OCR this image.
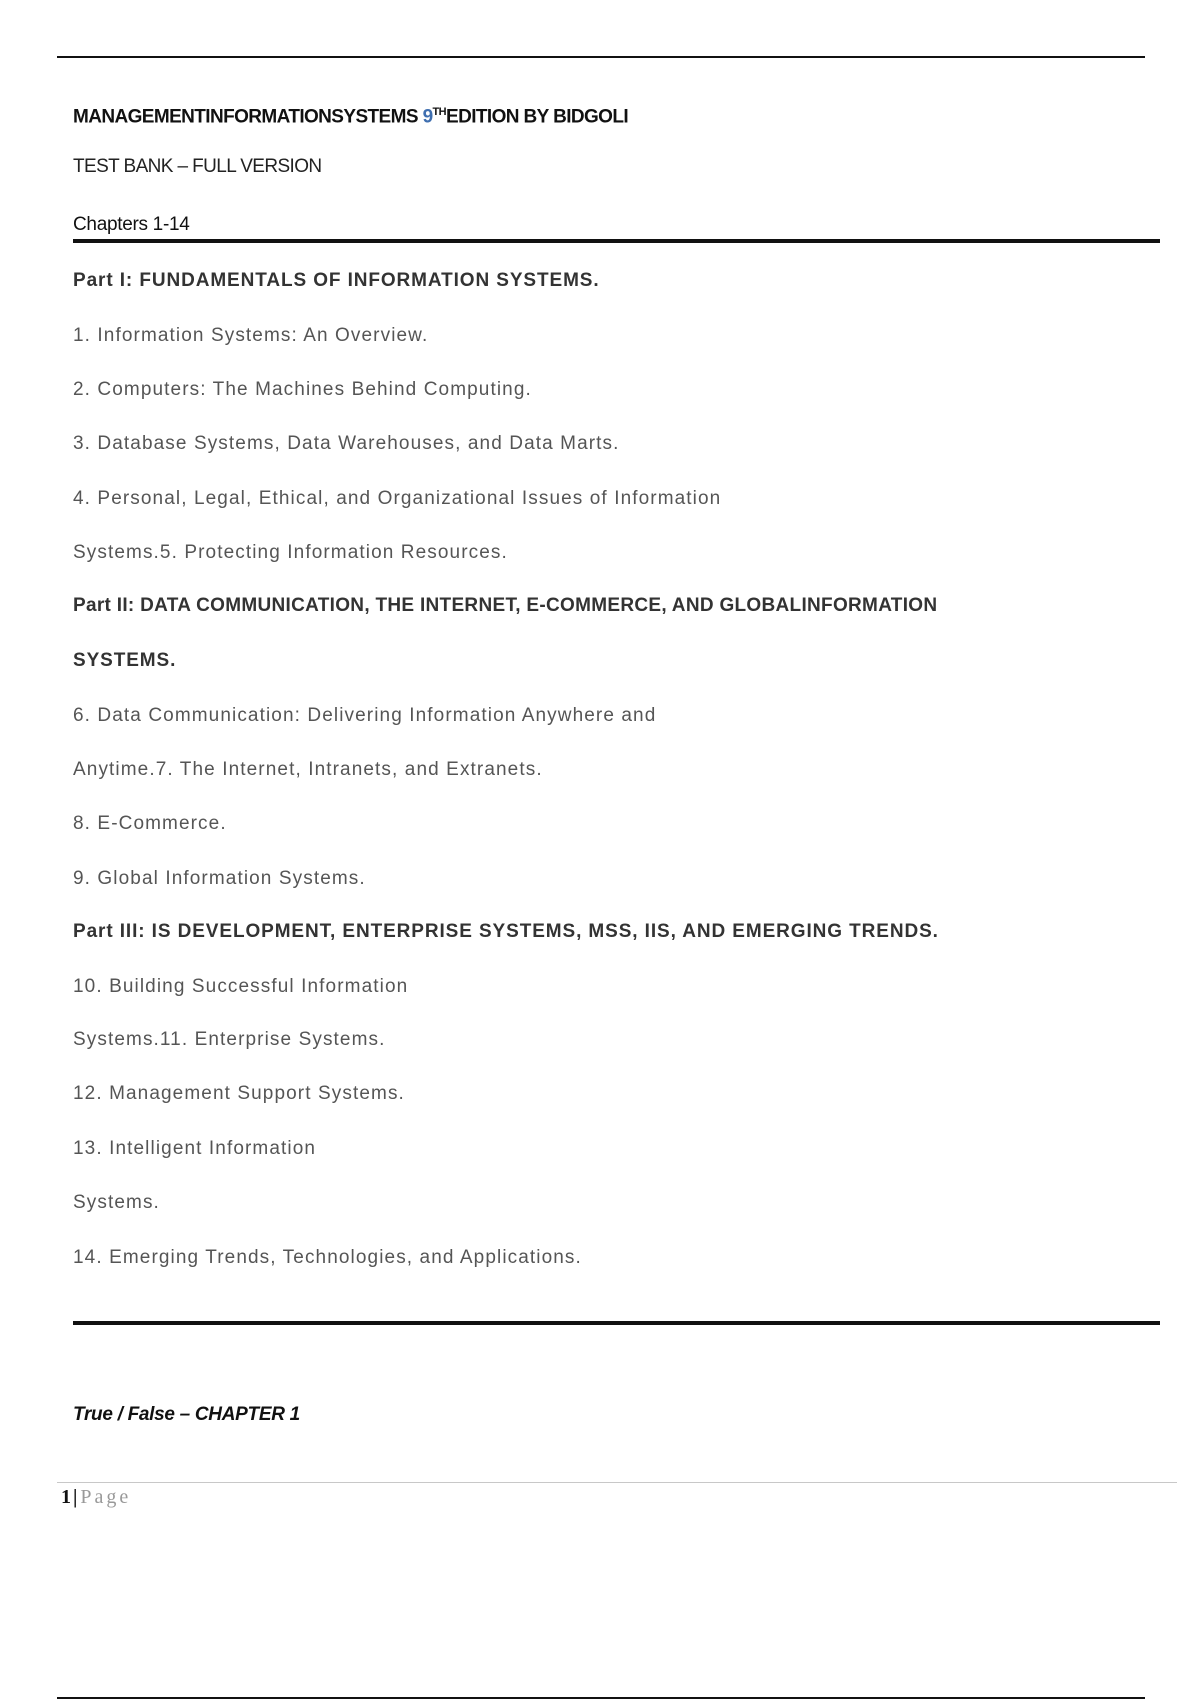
MANAGEMENTINFORMATIONSYSTEMS 9THEDITION BY BIDGOLI
TEST BANK – FULL VERSION
Chapters 1-14
Part I: FUNDAMENTALS OF INFORMATION SYSTEMS.
1. Information Systems: An Overview.
2. Computers: The Machines Behind Computing.
3. Database Systems, Data Warehouses, and Data Marts.
4. Personal, Legal, Ethical, and Organizational Issues of Information
Systems.5. Protecting Information Resources.
Part II: DATA COMMUNICATION, THE INTERNET, E-COMMERCE, AND GLOBALINFORMATION
SYSTEMS.
6. Data Communication: Delivering Information Anywhere and
Anytime.7. The Internet, Intranets, and Extranets.
8. E-Commerce.
9. Global Information Systems.
Part III: IS DEVELOPMENT, ENTERPRISE SYSTEMS, MSS, IIS, AND EMERGING TRENDS.
10. Building Successful Information
Systems.11. Enterprise Systems.
12. Management Support Systems.
13. Intelligent Information
Systems.
14. Emerging Trends, Technologies, and Applications.
True / False – CHAPTER 1
1 | Page
